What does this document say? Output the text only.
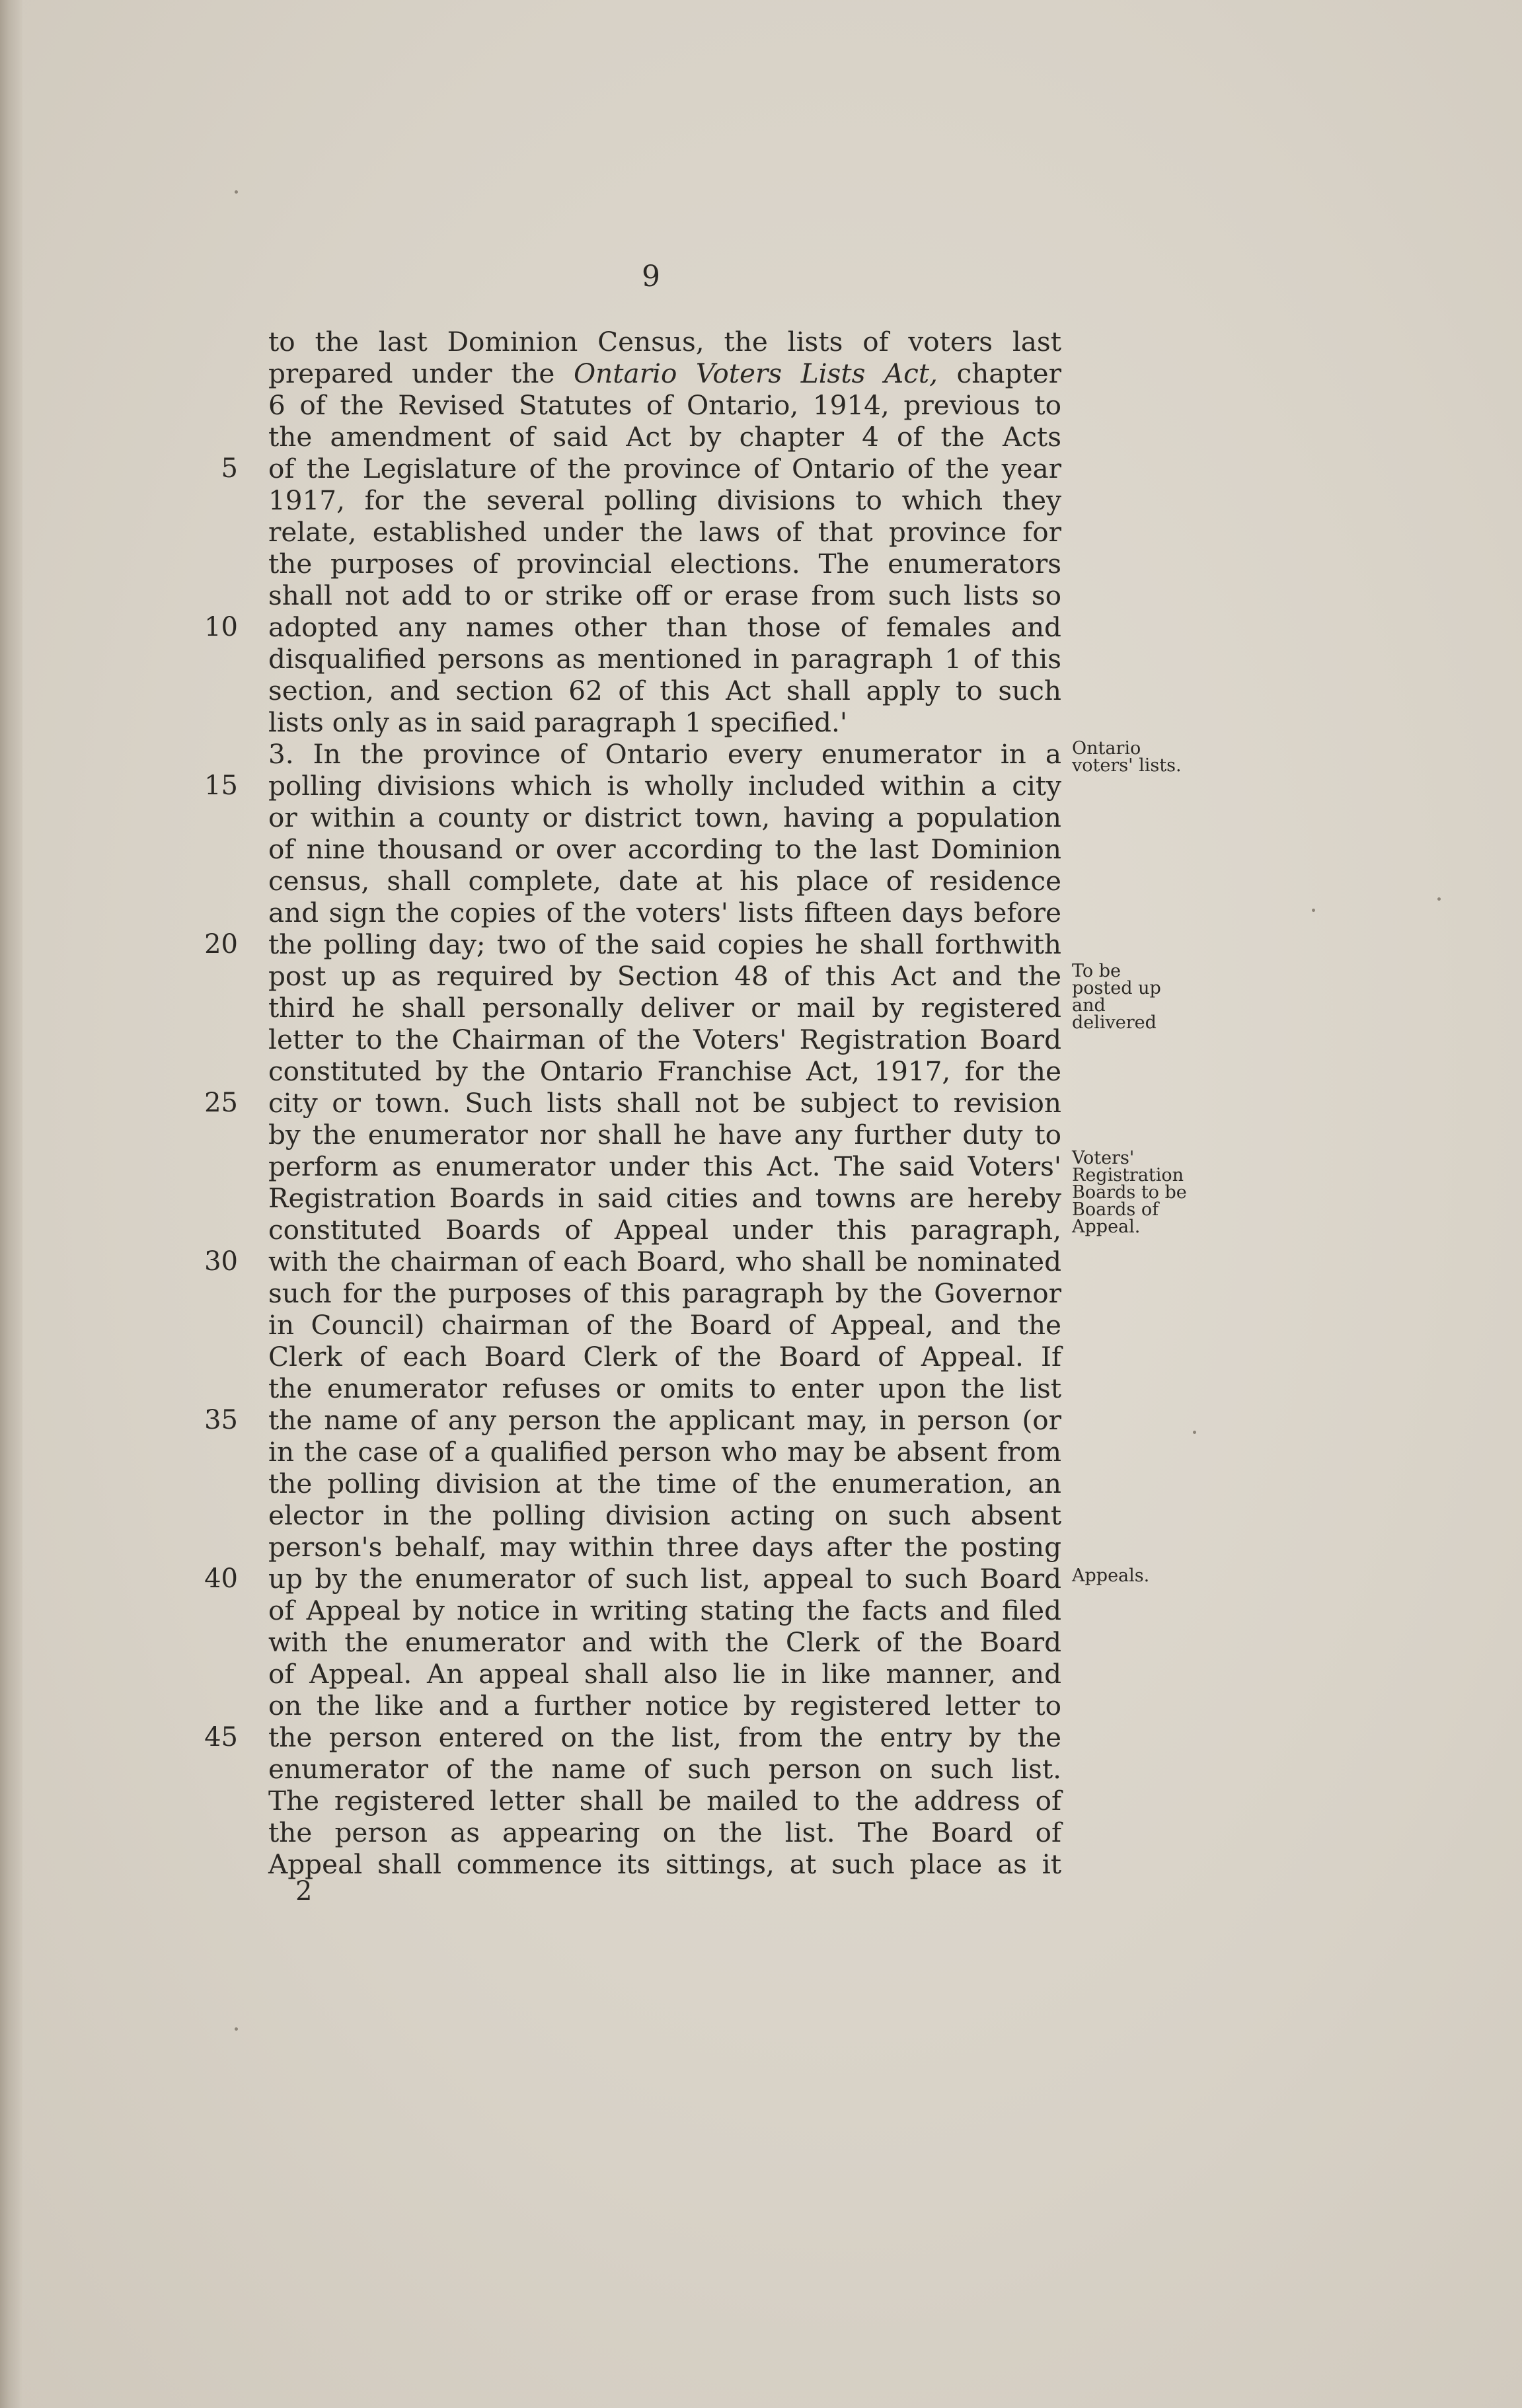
9
5
10
15
20
25
30
35
40
45
to the last Dominion Census, the lists of voters last
prepared under the Ontario Voters Lists Act, chapter
6 of the Revised Statutes of Ontario, 1914, previous to
the amendment of said Act by chapter 4 of the Acts
of the Legislature of the province of Ontario of the year
1917, for the several polling divisions to which they
relate, established under the laws of that province for
the purposes of provincial elections. The enumerators
shall not add to or strike off or erase from such lists so
adopted any names other than those of females and
disqualified persons as mentioned in paragraph 1 of this
section, and section 62 of this Act shall apply to such
lists only as in said paragraph 1 specified.'
3. In the province of Ontario every enumerator in a
polling divisions which is wholly included within a city
or within a county or district town, having a population
of nine thousand or over according to the last Dominion
census, shall complete, date at his place of residence
and sign the copies of the voters' lists fifteen days before
the polling day; two of the said copies he shall forthwith
post up as required by Section 48 of this Act and the
third he shall personally deliver or mail by registered
letter to the Chairman of the Voters' Registration Board
constituted by the Ontario Franchise Act, 1917, for the
city or town. Such lists shall not be subject to revision
by the enumerator nor shall he have any further duty to
perform as enumerator under this Act. The said Voters'
Registration Boards in said cities and towns are hereby
constituted Boards of Appeal under this paragraph,
with the chairman of each Board, who shall be nominated
such for the purposes of this paragraph by the Governor
in Council) chairman of the Board of Appeal, and the
Clerk of each Board Clerk of the Board of Appeal. If
the enumerator refuses or omits to enter upon the list
the name of any person the applicant may, in person (or
in the case of a qualified person who may be absent from
the polling division at the time of the enumeration, an
elector in the polling division acting on such absent
person's behalf, may within three days after the posting
up by the enumerator of such list, appeal to such Board
of Appeal by notice in writing stating the facts and filed
with the enumerator and with the Clerk of the Board
of Appeal. An appeal shall also lie in like manner, and
on the like and a further notice by registered letter to
the person entered on the list, from the entry by the
enumerator of the name of such person on such list.
The registered letter shall be mailed to the address of
the person as appearing on the list. The Board of
Appeal shall commence its sittings, at such place as it
Ontario
voters' lists.
To be
posted up
and
delivered
Voters'
Registration
Boards to be
Boards of
Appeal.
Appeals.
2
